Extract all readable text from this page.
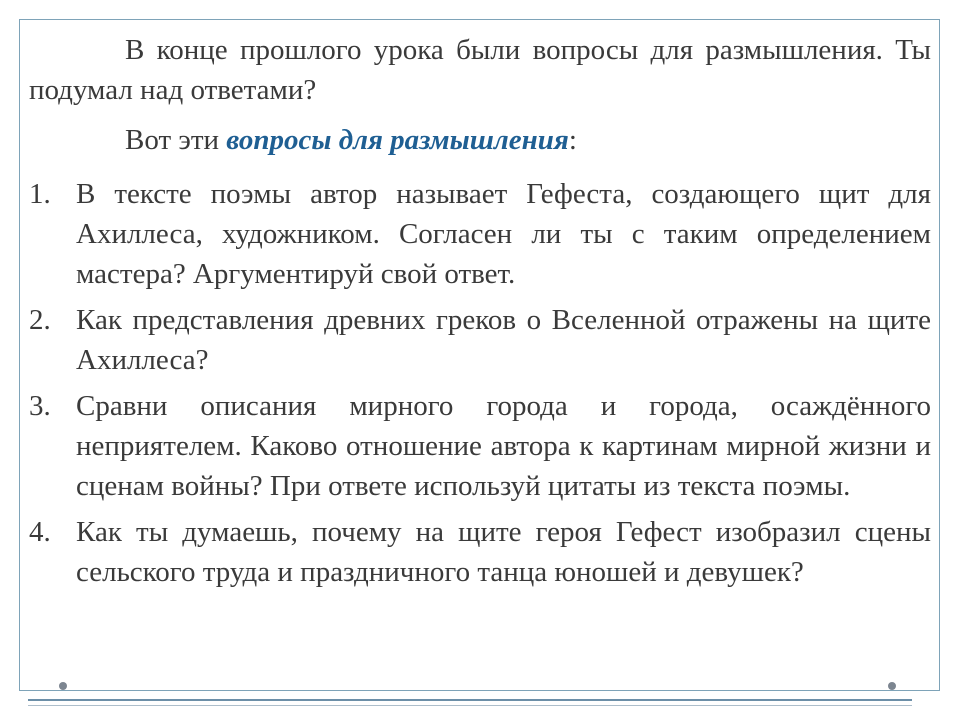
В конце прошлого урока были вопросы для размышления. Ты подумал над ответами?

Вот эти вопросы для размышления:

1. В тексте поэмы автор называет Гефеста, создающего щит для Ахиллеса, художником. Согласен ли ты с таким определением мастера? Аргументируй свой ответ.
2. Как представления древних греков о Вселенной отражены на щите Ахиллеса?
3. Сравни описания мирного города и города, осаждённого неприятелем. Каково отношение автора к картинам мирной жизни и сценам войны? При ответе используй цитаты из текста поэмы.
4. Как ты думаешь, почему на щите героя Гефест изобразил сцены сельского труда и праздничного танца юношей и девушек?
